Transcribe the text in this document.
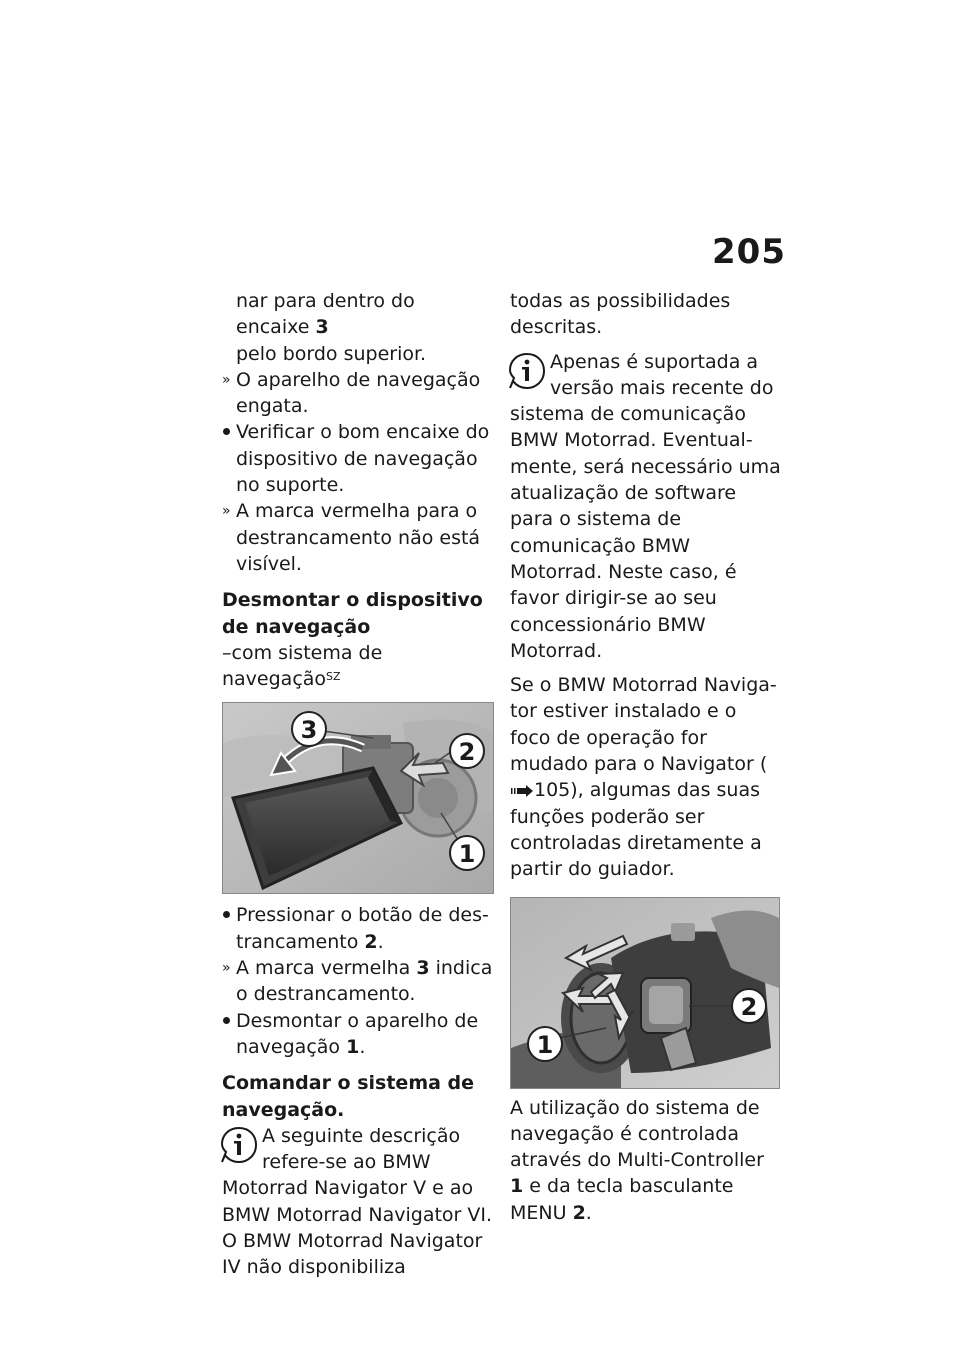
205

nar para dentro do encaixe 3
pelo bordo superior.

» O aparelho de navegação engata.

Verificar o bom encaixe do dispositivo de navegação no suporte.

» A marca vermelha para o destrancamento não está visível.

Desmontar o dispositivo de navegação

–com sistema de navegação$^{SZ}$

3
2
1

Pressionar o botão de destrancamento 2.

» A marca vermelha 3 indica o destrancamento.

Desmontar o aparelho de navegação 1.

Comandar o sistema de navegação.

A seguinte descrição refere-se ao BMW Motorrad Navigator V e ao BMW Motorrad Navigator VI. O BMW Motorrad Navigator IV não disponibiliza

todas as possibilidades descritas.

Apenas é suportada a versão mais recente do sistema de comunicação BMW Motorrad. Eventualmente, será necessário uma atualização de software para o sistema de comunicação BMW Motorrad. Neste caso, é favor dirigir-se ao seu concessionário BMW Motorrad.

Se o BMW Motorrad Navigator estiver instalado e o foco de operação for mudado para o Navigator (105), algumas das suas funções poderão ser controladas diretamente a partir do guiador.

2
1

A utilização do sistema de navegação é controlada através do Multi-Controller 1 e da tecla basculante MENU 2.
